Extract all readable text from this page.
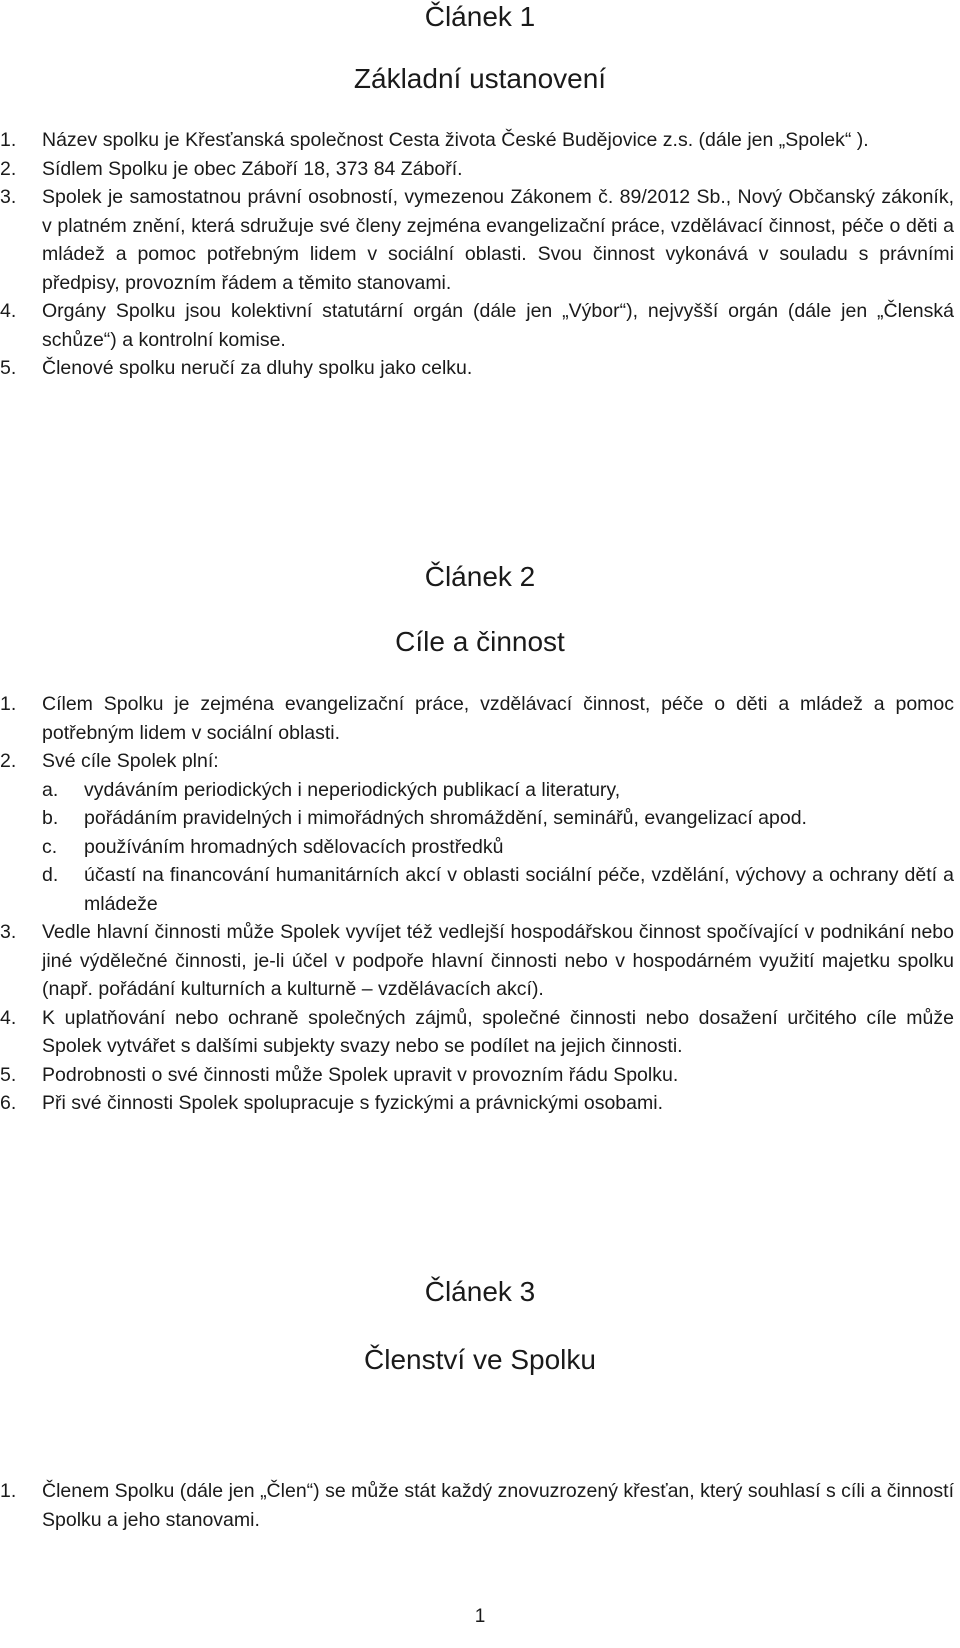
Článek 1
Základní ustanovení
1. Název spolku je Křesťanská společnost Cesta života České Budějovice z.s. (dále jen „Spolek“ ).
2. Sídlem Spolku je obec Záboří 18, 373 84 Záboří.
3. Spolek je samostatnou právní osobností, vymezenou Zákonem č. 89/2012 Sb., Nový Občanský zákoník, v platném znění, která sdružuje své členy zejména evangelizační práce, vzdělávací činnost, péče o děti a mládež a pomoc potřebným lidem v sociální oblasti. Svou činnost vykonává v souladu s právními předpisy, provozním řádem a těmito stanovami.
4. Orgány Spolku jsou kolektivní statutární orgán (dále jen „Výbor“), nejvyšší orgán (dále jen „Členská schůze“) a kontrolní komise.
5. Členové spolku neručí za dluhy spolku jako celku.
Článek 2
Cíle a činnost
1. Cílem Spolku je zejména evangelizační práce, vzdělávací činnost, péče o děti a mládež a pomoc potřebným lidem v sociální oblasti.
2. Své cíle Spolek plní:
a. vydáváním periodických i neperiodických publikací a literatury,
b. pořádáním pravidelných i mimořádných shromáždění, seminářů, evangelizací apod.
c. používáním hromadných sdělovacích prostředků
d. účastí na financování humanitárních akcí v oblasti sociální péče, vzdělání, výchovy a ochrany dětí a mládeže
3. Vedle hlavní činnosti může Spolek vyvíjet též vedlejší hospodářskou činnost spočívající v podnikání nebo jiné výdělečné činnosti, je-li účel v podpoře hlavní činnosti nebo v hospodárném využití majetku spolku (např. pořádání kulturních a kulturně – vzdělávacích akcí).
4. K uplatňování nebo ochraně společných zájmů, společné činnosti nebo dosažení určitého cíle může Spolek vytvářet s dalšími subjekty svazy nebo se podílet na jejich činnosti.
5. Podrobnosti o své činnosti může Spolek upravit v provozním řádu Spolku.
6. Při své činnosti Spolek spolupracuje s fyzickými a právnickými osobami.
Článek 3
Členství ve Spolku
1. Členem Spolku (dále jen „Člen“) se může stát každý znovuzrozený křesťan, který souhlasí s cíli a činností Spolku a jeho stanovami.
1
